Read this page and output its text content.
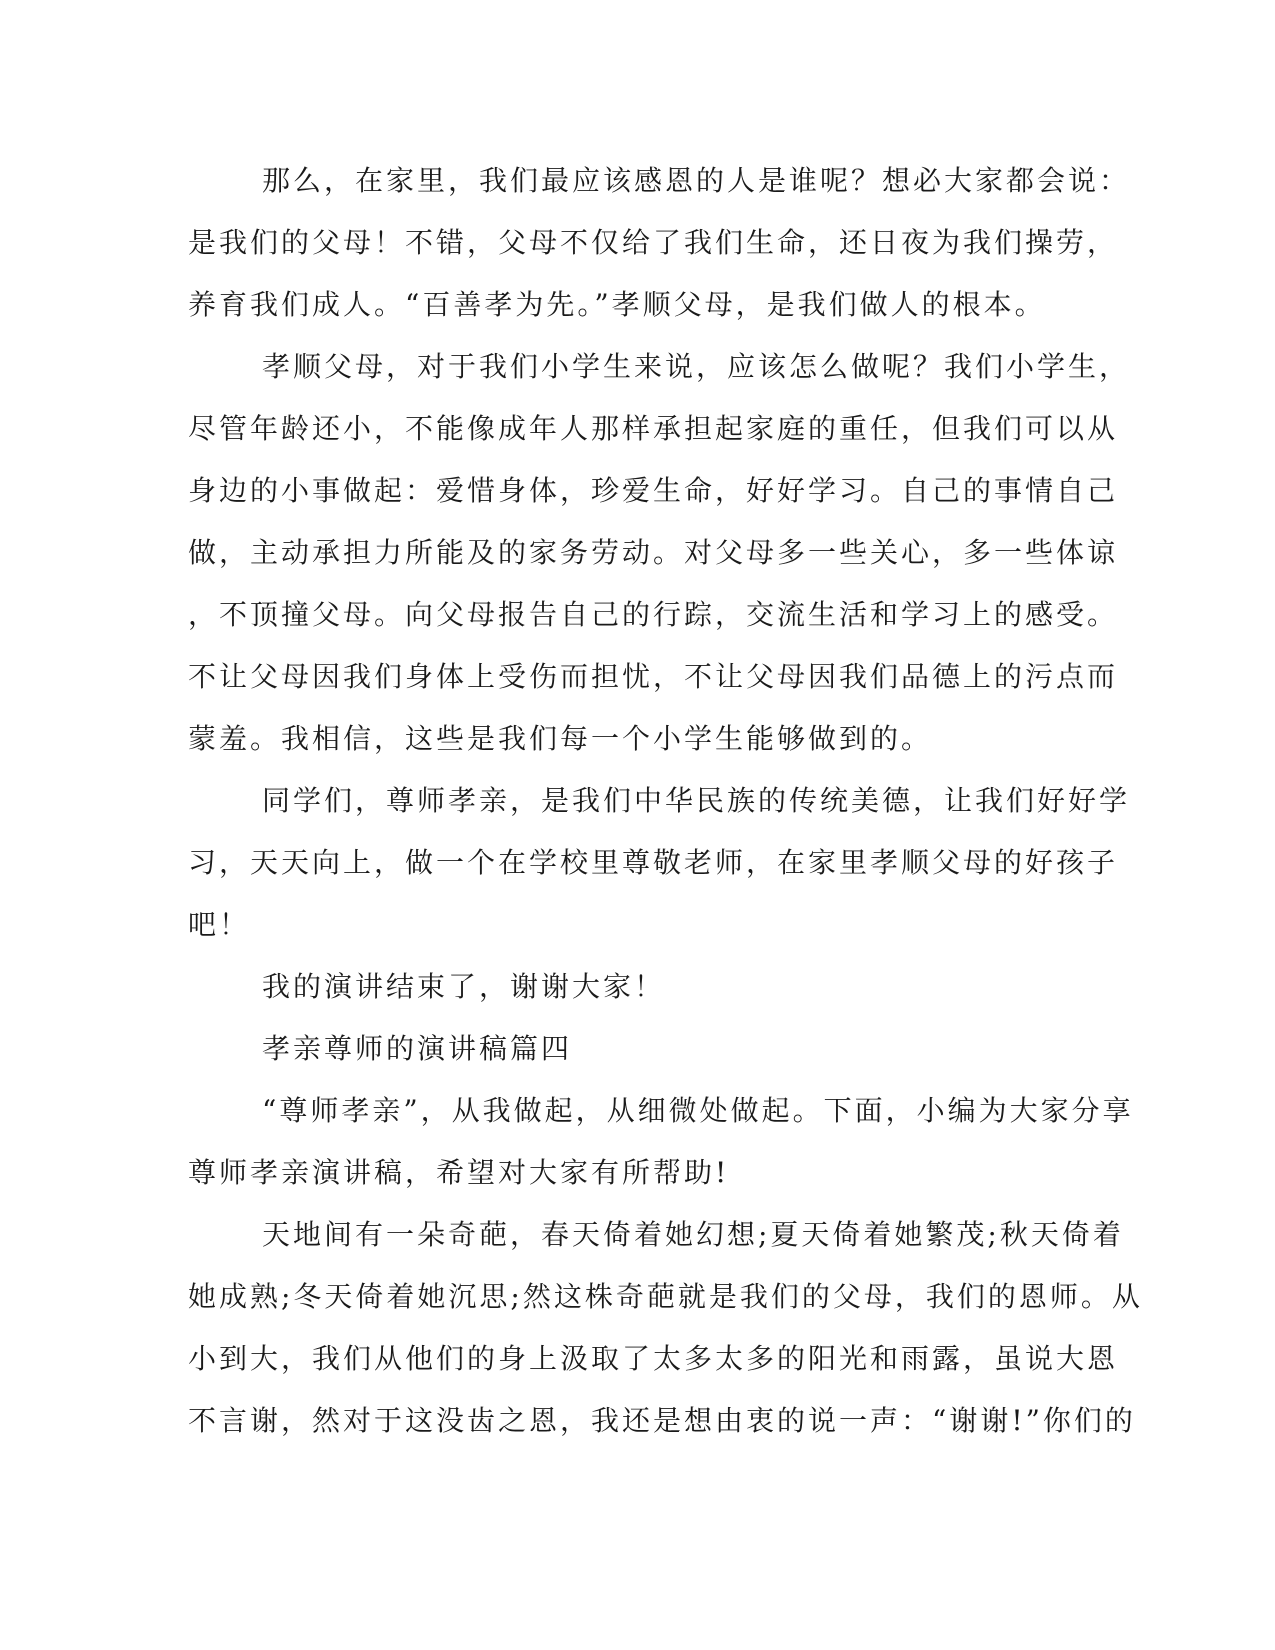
那么，在家里，我们最应该感恩的人是谁呢？想必大家都会说：
是我们的父母！不错，父母不仅给了我们生命，还日夜为我们操劳，
养育我们成人。“百善孝为先。”孝顺父母，是我们做人的根本。
孝顺父母，对于我们小学生来说，应该怎么做呢？我们小学生，
尽管年龄还小，不能像成年人那样承担起家庭的重任，但我们可以从
身边的小事做起：爱惜身体，珍爱生命，好好学习。自己的事情自己
做，主动承担力所能及的家务劳动。对父母多一些关心，多一些体谅
，不顶撞父母。向父母报告自己的行踪，交流生活和学习上的感受。
不让父母因我们身体上受伤而担忧，不让父母因我们品德上的污点而
蒙羞。我相信，这些是我们每一个小学生能够做到的。
同学们，尊师孝亲，是我们中华民族的传统美德，让我们好好学
习，天天向上，做一个在学校里尊敬老师，在家里孝顺父母的好孩子
吧！
我的演讲结束了，谢谢大家！
孝亲尊师的演讲稿篇四
“尊师孝亲”，从我做起，从细微处做起。下面，小编为大家分享
尊师孝亲演讲稿，希望对大家有所帮助!
天地间有一朵奇葩，春天倚着她幻想;夏天倚着她繁茂;秋天倚着
她成熟;冬天倚着她沉思;然这株奇葩就是我们的父母，我们的恩师。从
小到大，我们从他们的身上汲取了太多太多的阳光和雨露，虽说大恩
不言谢，然对于这没齿之恩，我还是想由衷的说一声：“谢谢!”你们的
